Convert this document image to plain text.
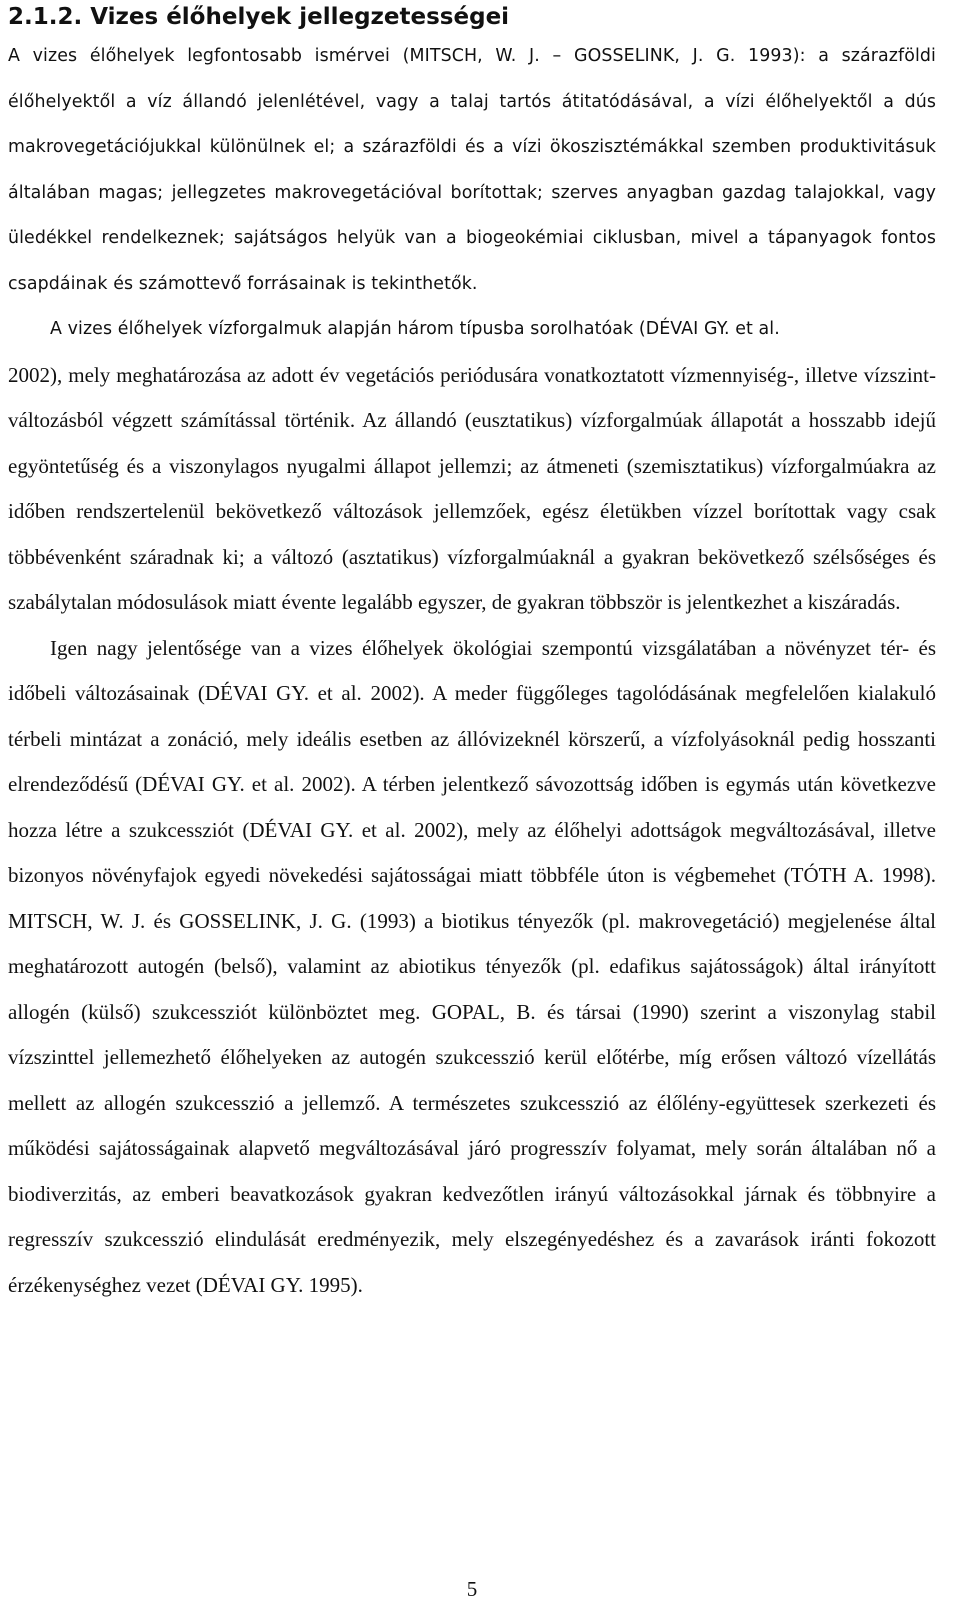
2.1.2. Vizes élőhelyek jellegzetességei

A vizes élőhelyek legfontosabb ismérvei (MITSCH, W. J. – GOSSELINK, J. G. 1993): a szárazföldi élőhelyektől a víz állandó jelenlétével, vagy a talaj tartós átitatódásával, a vízi élőhelyektől a dús makrovegetációjukkal különülnek el; a szárazföldi és a vízi ökoszisztémákkal szemben produktivitásuk általában magas; jellegzetes makrovegetációval borítottak; szerves anyagban gazdag talajokkal, vagy üledékkel rendelkeznek; sajátságos helyük van a biogeokémiai ciklusban, mivel a tápanyagok fontos csapdáinak és számottevő forrásainak is tekinthetők.

A vizes élőhelyek vízforgalmuk alapján három típusba sorolhatóak (DÉVAI GY. et al.

2002), mely meghatározása az adott év vegetációs periódusára vonatkoztatott vízmennyiség-, illetve vízszint-változásból végzett számítással történik. Az állandó (eusztatikus) vízforgalmúak állapotát a hosszabb idejű egyöntetűség és a viszonylagos nyugalmi állapot jellemzi; az átmeneti (szemisztatikus) vízforgalmúakra az időben rendszertelenül bekövetkező változások jellemzőek, egész életükben vízzel borítottak vagy csak többévenként száradnak ki; a változó (asztatikus) vízforgalmúaknál a gyakran bekövetkező szélsőséges és szabálytalan módosulások miatt évente legalább egyszer, de gyakran többször is jelentkezhet a kiszáradás.

Igen nagy jelentősége van a vizes élőhelyek ökológiai szempontú vizsgálatában a növényzet tér- és időbeli változásainak (DÉVAI GY. et al. 2002). A meder függőleges tagolódásának megfelelően kialakuló térbeli mintázat a zonáció, mely ideális esetben az állóvizeknél körszerű, a vízfolyásoknál pedig hosszanti elrendeződésű (DÉVAI GY. et al. 2002). A térben jelentkező sávozottság időben is egymás után következve hozza létre a szukcessziót (DÉVAI GY. et al. 2002), mely az élőhelyi adottságok megváltozásával, illetve bizonyos növényfajok egyedi növekedési sajátosságai miatt többféle úton is végbemehet (TÓTH A. 1998). MITSCH, W. J. és GOSSELINK, J. G. (1993) a biotikus tényezők (pl. makrovegetáció) megjelenése által meghatározott autogén (belső), valamint az abiotikus tényezők (pl. edafikus sajátosságok) által irányított allogén (külső) szukcessziót különböztet meg. GOPAL, B. és társai (1990) szerint a viszonylag stabil vízszinttel jellemezhető élőhelyeken az autogén szukcesszió kerül előtérbe, míg erősen változó vízellátás mellett az allogén szukcesszió a jellemző. A természetes szukcesszió az élőlény-együttesek szerkezeti és működési sajátosságainak alapvető megváltozásával járó progresszív folyamat, mely során általában nő a biodiverzitás, az emberi beavatkozások gyakran kedvezőtlen irányú változásokkal járnak és többnyire a regresszív szukcesszió elindulását eredményezik, mely elszegényedéshez és a zavarások iránti fokozott érzékenységhez vezet (DÉVAI GY. 1995).

5
